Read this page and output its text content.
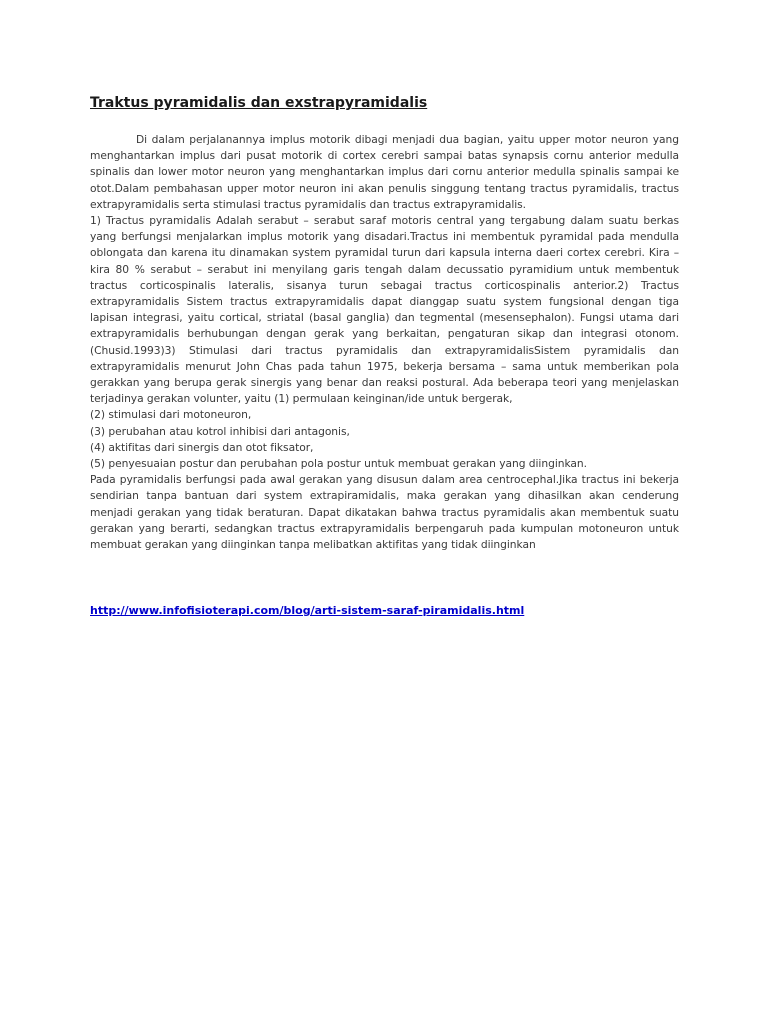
Traktus pyramidalis dan exstrapyramidalis

Di dalam perjalanannya implus motorik dibagi menjadi dua bagian, yaitu upper motor neuron yang menghantarkan implus dari pusat motorik di cortex cerebri sampai batas synapsis cornu anterior medulla spinalis dan lower motor neuron yang menghantarkan implus dari cornu anterior medulla spinalis sampai ke otot.Dalam pembahasan upper motor neuron ini akan penulis singgung tentang tractus pyramidalis, tractus extrapyramidalis serta stimulasi tractus pyramidalis dan tractus extrapyramidalis.

1) Tractus pyramidalis Adalah serabut – serabut saraf motoris central yang tergabung dalam suatu berkas yang berfungsi menjalarkan implus motorik yang disadari.Tractus ini membentuk pyramidal pada mendulla oblongata dan karena itu dinamakan system pyramidal turun dari kapsula interna daeri cortex cerebri. Kira –kira 80 % serabut – serabut ini menyilang garis tengah dalam decussatio pyramidium untuk membentuk tractus corticospinalis lateralis, sisanya turun sebagai tractus corticospinalis anterior.2) Tractus extrapyramidalis Sistem tractus extrapyramidalis dapat dianggap suatu system fungsional dengan tiga lapisan integrasi, yaitu cortical, striatal (basal ganglia) dan tegmental (mesensephalon). Fungsi utama dari extrapyramidalis berhubungan dengan gerak yang berkaitan, pengaturan sikap dan integrasi otonom.(Chusid.1993)3) Stimulasi dari tractus pyramidalis dan extrapyramidalisSistem pyramidalis dan extrapyramidalis menurut John Chas pada tahun 1975, bekerja bersama – sama untuk memberikan pola gerakkan yang berupa gerak sinergis yang benar dan reaksi postural. Ada beberapa teori yang menjelaskan terjadinya gerakan volunter, yaitu (1) permulaan keinginan/ide untuk bergerak,

(2) stimulasi dari motoneuron,

(3) perubahan atau kotrol inhibisi dari antagonis,

(4) aktifitas dari sinergis dan otot fiksator,

(5) penyesuaian postur dan perubahan pola postur untuk membuat gerakan yang diinginkan.

Pada pyramidalis berfungsi pada awal gerakan yang disusun dalam area centrocephal.Jika tractus ini bekerja sendirian tanpa bantuan dari system extrapiramidalis, maka gerakan yang dihasilkan akan cenderung menjadi gerakan yang tidak beraturan. Dapat dikatakan bahwa tractus pyramidalis akan membentuk suatu gerakan yang berarti, sedangkan tractus extrapyramidalis berpengaruh pada kumpulan motoneuron untuk membuat gerakan yang diinginkan tanpa melibatkan aktifitas yang tidak diinginkan

http://www.infofisioterapi.com/blog/arti-sistem-saraf-piramidalis.html
